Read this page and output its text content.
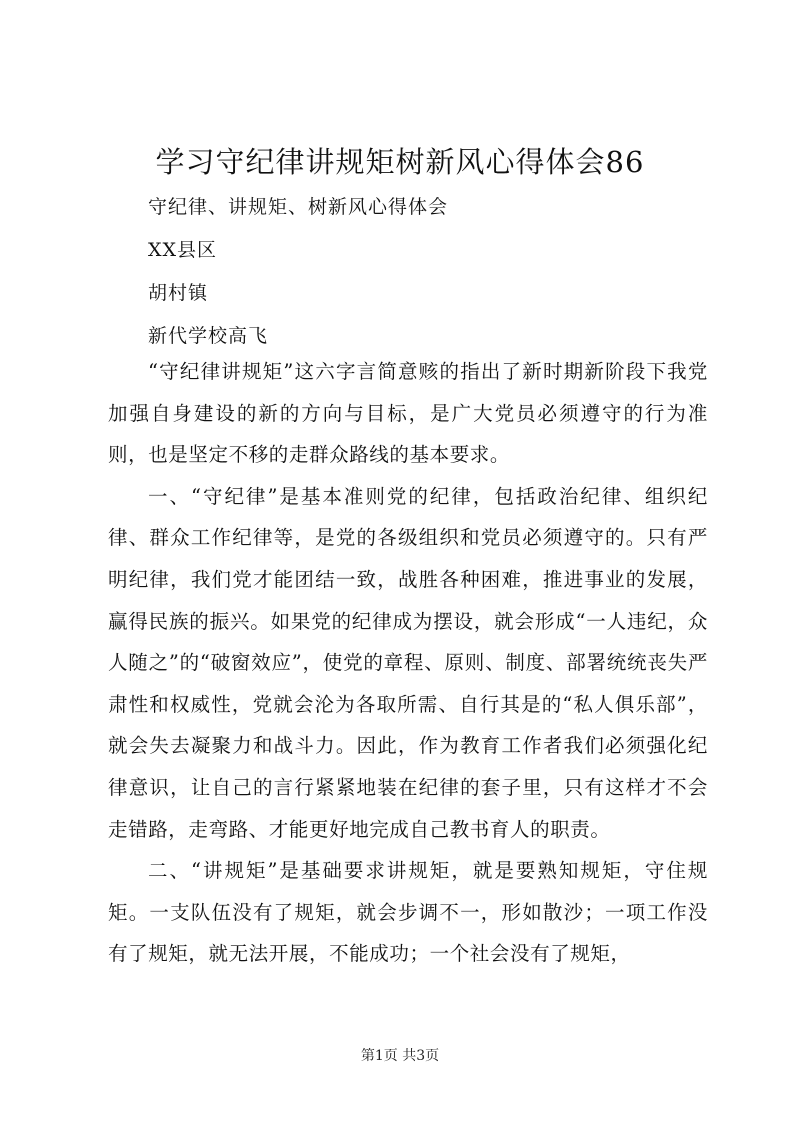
学习守纪律讲规矩树新风心得体会86
守纪律、讲规矩、树新风心得体会
XX县区
胡村镇
新代学校高飞

“守纪律讲规矩”这六字言简意赅的指出了新时期新阶段下我党加强自身建设的新的方向与目标，是广大党员必须遵守的行为准则，也是坚定不移的走群众路线的基本要求。

一、“守纪律”是基本准则党的纪律，包括政治纪律、组织纪律、群众工作纪律等，是党的各级组织和党员必须遵守的。只有严明纪律，我们党才能团结一致，战胜各种困难，推进事业的发展，赢得民族的振兴。如果党的纪律成为摆设，就会形成“一人违纪，众人随之”的“破窗效应”，使党的章程、原则、制度、部署统统丧失严肃性和权威性，党就会沦为各取所需、自行其是的“私人俱乐部”，就会失去凝聚力和战斗力。因此，作为教育工作者我们必须强化纪律意识，让自己的言行紧紧地装在纪律的套子里，只有这样才不会走错路，走弯路、才能更好地完成自己教书育人的职责。

二、“讲规矩”是基础要求讲规矩，就是要熟知规矩，守住规矩。一支队伍没有了规矩，就会步调不一，形如散沙；一项工作没有了规矩，就无法开展，不能成功；一个社会没有了规矩，

第1页 共3页
